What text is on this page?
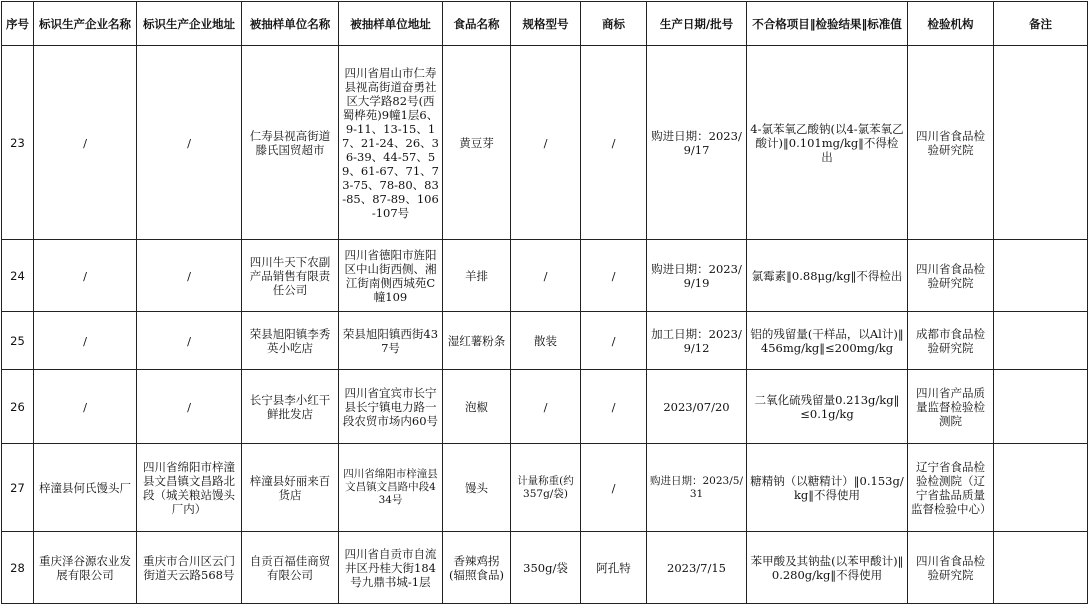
序号	标识生产企业名称	标识生产企业地址	被抽样单位名称	被抽样单位地址	食品名称	规格型号	商标	生产日期/批号	不合格项目‖检验结果‖标准值	检验机构	备注
23	/	/	仁寿县视高街道滕氏国贸超市	四川省眉山市仁寿县视高街道奋勇社区大学路82号(西蜀桦苑)9幢1层6、9-11、13-15、17、21-24、26、36-39、44-57、59、61-67、71、73-75、78-80、83-85、87-89、106-107号	黄豆芽	/	/	购进日期：2023/9/17	4-氯苯氧乙酸钠(以4-氯苯氧乙酸计)‖0.101mg/kg‖不得检出	四川省食品检验研究院	
24	/	/	四川牛天下农副产品销售有限责任公司	四川省德阳市旌阳区中山街西侧、湘江街南侧西城苑C幢109	羊排	/	/	购进日期：2023/9/19	氯霉素‖0.88μg/kg‖不得检出	四川省食品检验研究院	
25	/	/	荣县旭阳镇李秀英小吃店	荣县旭阳镇西街437号	湿红薯粉条	散装	/	加工日期：2023/9/12	铝的残留量(干样品，以Al计)‖456mg/kg‖≤200mg/kg	成都市食品检验研究院	
26	/	/	长宁县李小红干鲜批发店	四川省宜宾市长宁县长宁镇电力路一段农贸市场内60号	泡椒	/	/	2023/07/20	二氧化硫残留量0.213g/kg‖≤0.1g/kg	四川省产品质量监督检验检测院	
27	梓潼县何氏馒头厂	四川省绵阳市梓潼县文昌镇文昌路北段（城关粮站馒头厂内）	梓潼县好丽来百货店	四川省绵阳市梓潼县文昌镇文昌路中段434号	馒头	计量称重(约357g/袋)	/	购进日期：2023/5/31	糖精钠（以糖精计）‖0.153g/kg‖不得使用	辽宁省食品检验检测院（辽宁省盐品质量监督检验中心）	
28	重庆泽谷源农业发展有限公司	重庆市合川区云门街道天云路568号	自贡百福佳商贸有限公司	四川省自贡市自流井区丹桂大街184号九鼎书城-1层	香辣鸡拐(辐照食品)	350g/袋	阿孔特	2023/7/15	苯甲酸及其钠盐(以苯甲酸计)‖0.280g/kg‖不得使用	四川省食品检验研究院	
